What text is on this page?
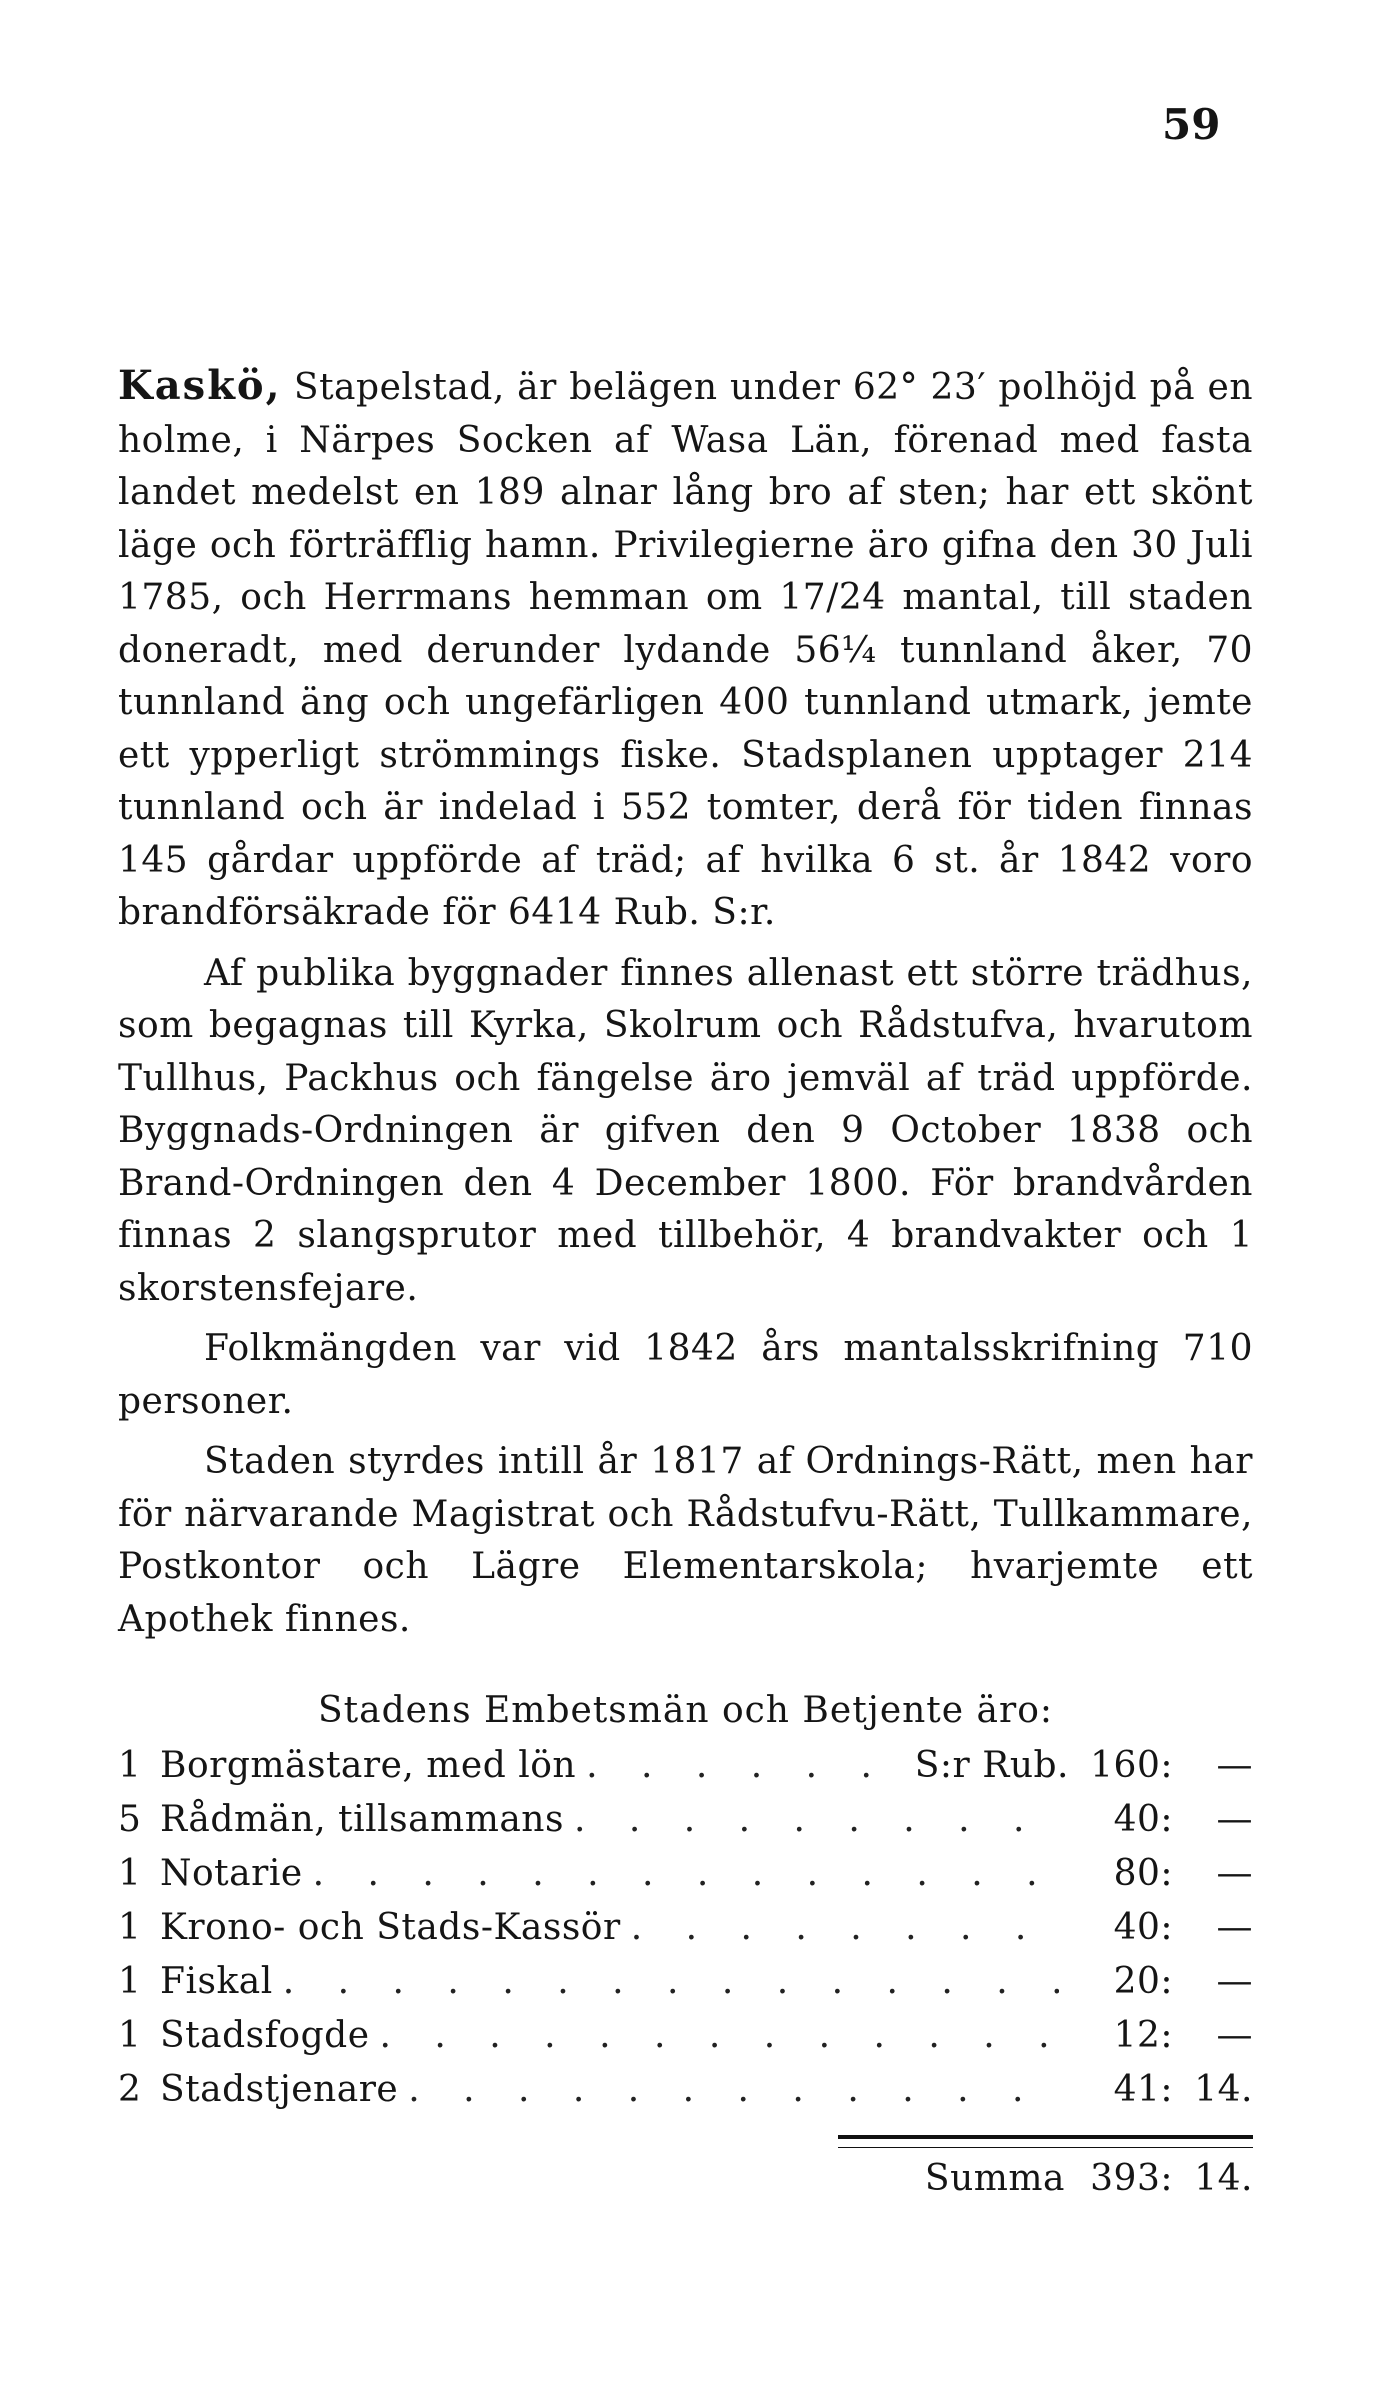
59

Kaskö, Stapelstad, är belägen under 62° 23′ polhöjd på en holme, i Närpes Socken af Wasa Län, förenad med fasta landet medelst en 189 alnar lång bro af sten; har ett skönt läge och förträfflig hamn. Privilegierne äro gifna den 30 Juli 1785, och Herrmans hemman om 17/24 mantal, till staden doneradt, med derunder lydande 56¼ tunnland åker, 70 tunnland äng och ungefärligen 400 tunnland utmark, jemte ett ypperligt strömmings fiske. Stadsplanen upptager 214 tunnland och är indelad i 552 tomter, derå för tiden finnas 145 gårdar uppförde af träd; af hvilka 6 st. år 1842 voro brandförsäkrade för 6414 Rub. S:r.

Af publika byggnader finnes allenast ett större trädhus, som begagnas till Kyrka, Skolrum och Rådstufva, hvarutom Tullhus, Packhus och fängelse äro jemväl af träd uppförde. Byggnads-Ordningen är gifven den 9 October 1838 och Brand-Ordningen den 4 December 1800. För brandvården finnas 2 slangsprutor med tillbehör, 4 brandvakter och 1 skorstensfejare.

Folkmängden var vid 1842 års mantalsskrifning 710 personer.

Staden styrdes intill år 1817 af Ordnings-Rätt, men har för närvarande Magistrat och Rådstufvu-Rätt, Tullkammare, Postkontor och Lägre Elementarskola; hvarjemte ett Apothek finnes.

Stadens Embetsmän och Betjente äro:
1 Borgmästare, med lön . . .	S:r Rub. 160:	—
5 Rådmän, tillsammans . . .	40:	—
1 Notarie . . .	80:	—
1 Krono- och Stads-Kassör . . .	40:	—
1 Fiskal . . .	20:	—
1 Stadsfogde . . .	12:	—
2 Stadstjenare . . .	41: 14.
Summa 393: 14.
